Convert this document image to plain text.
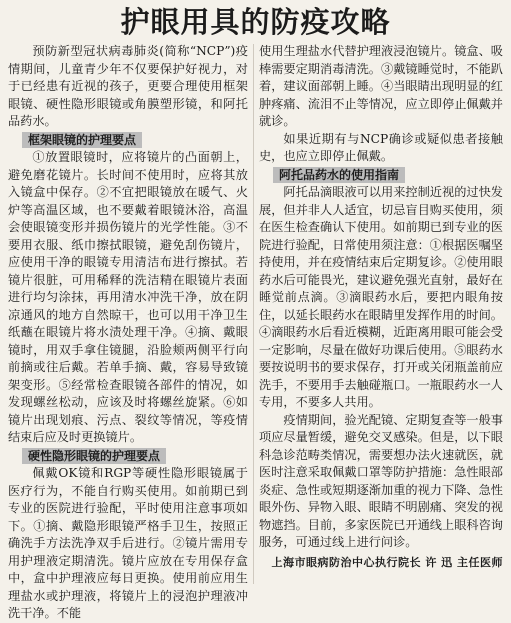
护眼用具的防疫攻略

预防新型冠状病毒肺炎(简称“NCP”)疫情期间，儿童青少年不仅要保护好视力，对于已经患有近视的孩子，更要合理使用框架眼镜、硬性隐形眼镜或角膜塑形镜，和阿托品药水。

框架眼镜的护理要点

①放置眼镜时，应将镜片的凸面朝上，避免磨花镜片。长时间不使用时，应将其放入镜盒中保存。②不宜把眼镜放在暖气、火炉等高温区域，也不要戴着眼镜沐浴，高温会使眼镜变形并损伤镜片的光学性能。③不要用衣服、纸巾擦拭眼镜，避免刮伤镜片，应使用干净的眼镜专用清洁布进行擦拭。若镜片很脏，可用稀释的洗洁精在眼镜片表面进行均匀涂抹，再用清水冲洗干净，放在阴凉通风的地方自然晾干，也可以用干净卫生纸蘸在眼镜片将水渍处理干净。④摘、戴眼镜时，用双手拿住镜腿，沿脸颊两侧平行向前摘或往后戴。若单手摘、戴，容易导致镜架变形。⑤经常检查眼镜各部件的情况，如发现螺丝松动，应该及时将螺丝旋紧。⑥如镜片出现划痕、污点、裂纹等情况，等疫情结束后应及时更换镜片。

硬性隐形眼镜的护理要点

佩戴OK镜和RGP等硬性隐形眼镜属于医疗行为，不能自行购买使用。如前期已到专业的医院进行验配，平时使用注意事项如下。①摘、戴隐形眼镜严格手卫生，按照正确洗手方法洗净双手后进行。②镜片需用专用护理液定期清洗。镜片应放在专用保存盒中，盒中护理液应每日更换。使用前应用生理盐水或护理液，将镜片上的浸泡护理液冲洗干净。不能

使用生理盐水代替护理液浸泡镜片。镜盒、吸棒需要定期消毒清洗。③戴镜睡觉时，不能趴着，建议面部朝上睡。④当眼睛出现明显的红肿疼痛、流泪不止等情况，应立即停止佩戴并就诊。

如果近期有与NCP确诊或疑似患者接触史，也应立即停止佩戴。

阿托品药水的使用指南

阿托品滴眼液可以用来控制近视的过快发展，但并非人人适宜，切忌盲目购买使用，须在医生检查确认下使用。如前期已到专业的医院进行验配，日常使用须注意：①根据医嘱坚持使用，并在疫情结束后定期复诊。②使用眼药水后可能畏光，建议避免强光直射，最好在睡觉前点滴。③滴眼药水后，要把内眼角按住，以延长眼药水在眼睛里发挥作用的时间。④滴眼药水后看近模糊，近距离用眼可能会受一定影响，尽量在做好功课后使用。⑤眼药水要按说明书的要求保存，打开或关闭瓶盖前应洗手，不要用手去触碰瓶口。一瓶眼药水一人专用，不要多人共用。

疫情期间，验光配镜、定期复查等一般事项应尽量暂缓，避免交叉感染。但是，以下眼科急诊范畴类情况，需要想办法火速就医，就医时注意采取佩戴口罩等防护措施：急性眼部炎症、急性或短期逐渐加重的视力下降、急性眼外伤、异物入眼、眼睛不明剧痛、突发的视物遮挡。目前，多家医院已开通线上眼科咨询服务，可通过线上进行问诊。

上海市眼病防治中心执行院长 许 迅 主任医师
